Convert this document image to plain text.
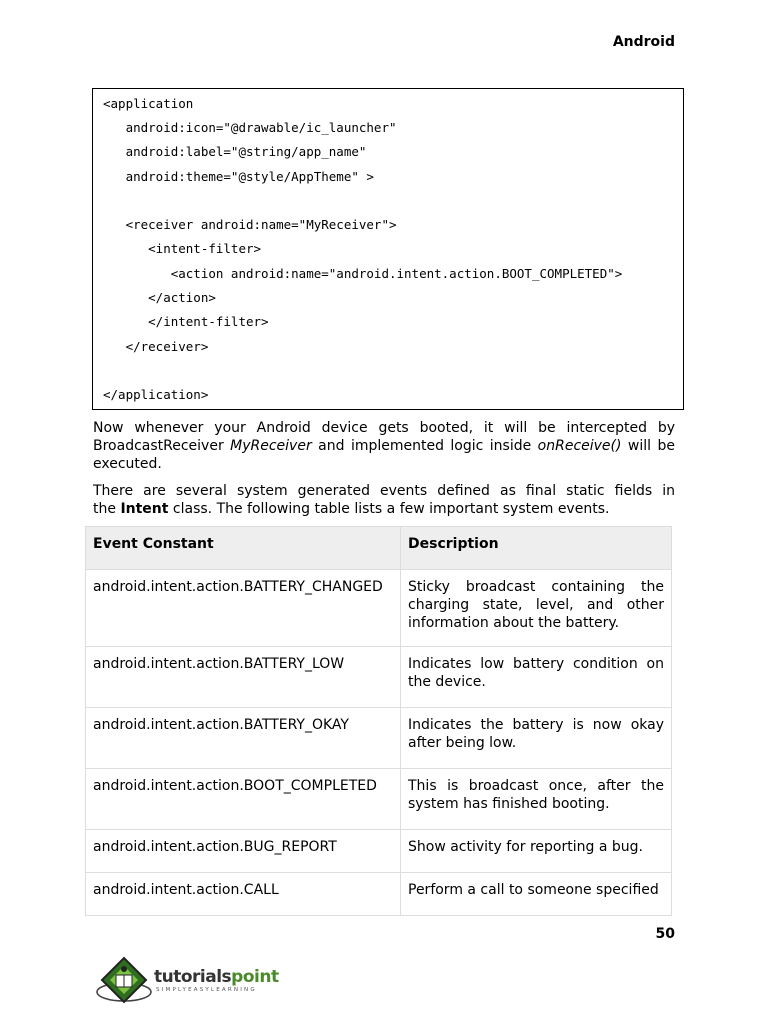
Android
<application
android:icon="@drawable/ic_launcher"
android:label="@string/app_name"
android:theme="@style/AppTheme" >
<receiver android:name="MyReceiver">
<intent-filter>
<action android:name="android.intent.action.BOOT_COMPLETED">
</action>
</intent-filter>
</receiver>
</application>
Now whenever your Android device gets booted, it will be intercepted by
BroadcastReceiver MyReceiver and implemented logic inside onReceive() will be
executed.
There are several system generated events defined as final static fields in
the Intent class. The following table lists a few important system events.
Event Constant	Description
android.intent.action.BATTERY_CHANGED	Sticky broadcast containing the charging state, level, and other information about the battery.
android.intent.action.BATTERY_LOW	Indicates low battery condition on the device.
android.intent.action.BATTERY_OKAY	Indicates the battery is now okay after being low.
android.intent.action.BOOT_COMPLETED	This is broadcast once, after the system has finished booting.
android.intent.action.BUG_REPORT	Show activity for reporting a bug.
android.intent.action.CALL	Perform a call to someone specified
50
tutorialspoint
SIMPLYEASYLEARNING
